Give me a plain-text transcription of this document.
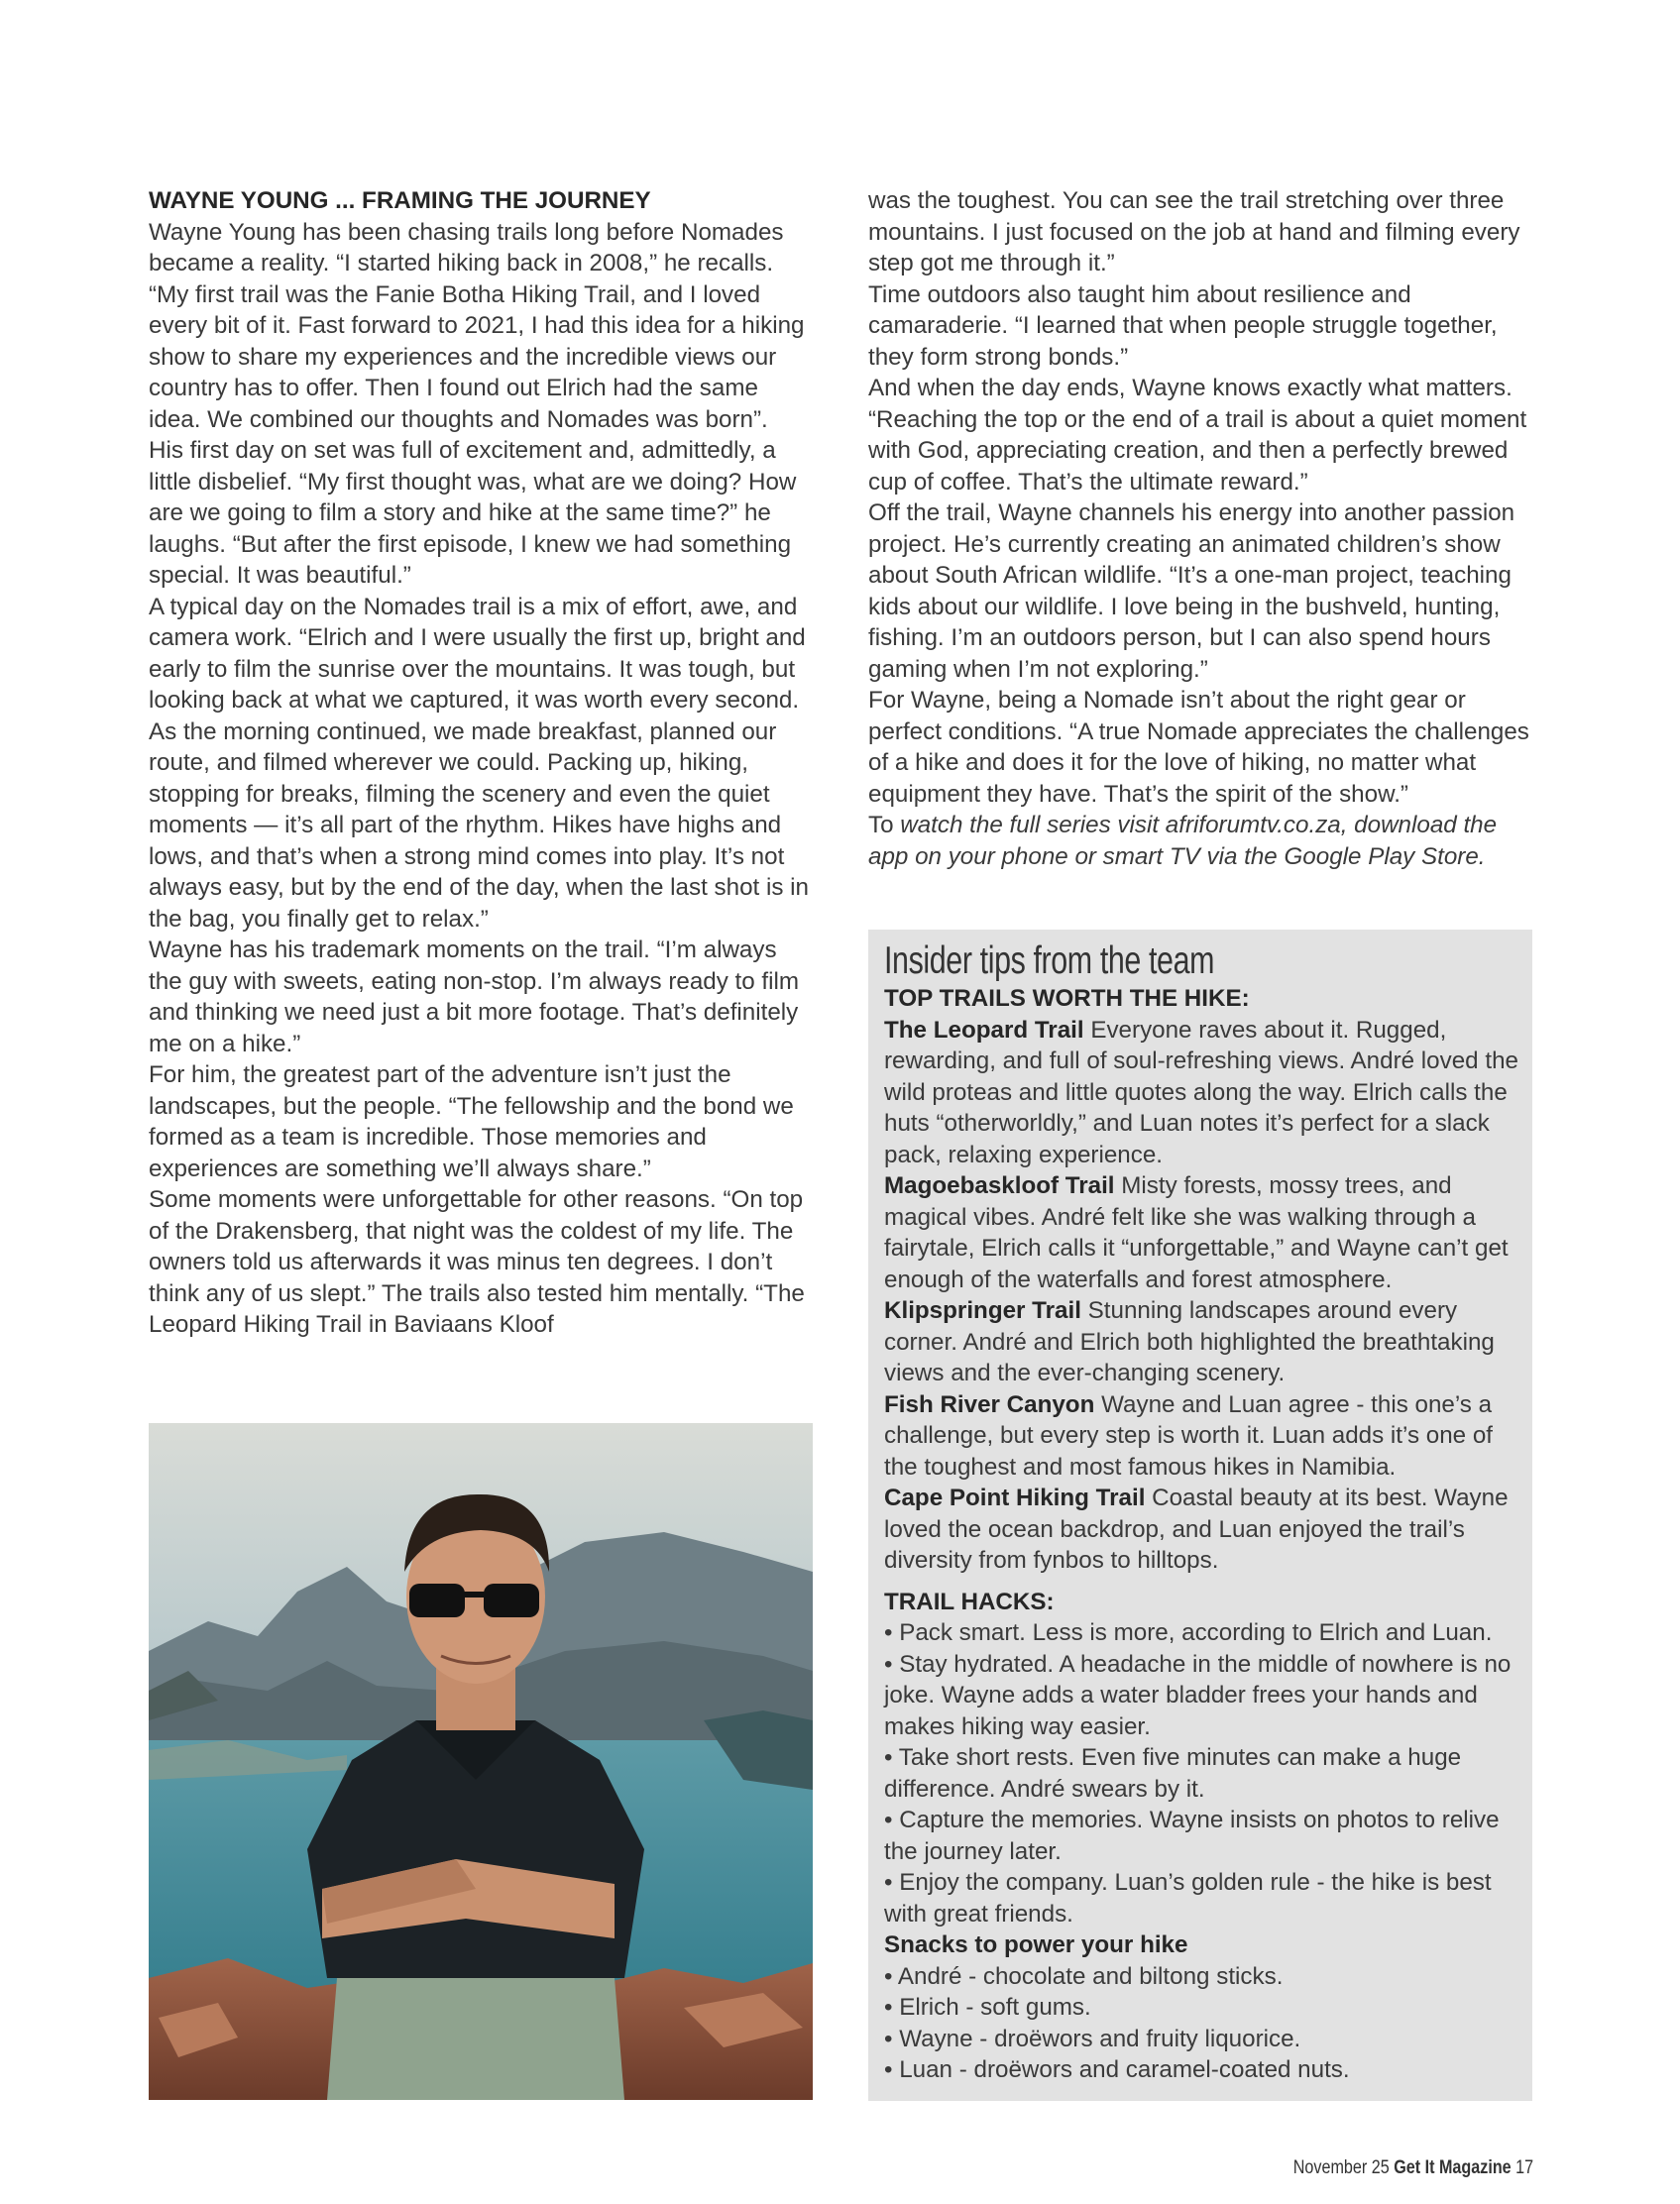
WAYNE YOUNG ... FRAMING THE JOURNEY

Wayne Young has been chasing trails long before Nomades became a reality. “I started hiking back in 2008,” he recalls. “My first trail was the Fanie Botha Hiking Trail, and I loved every bit of it. Fast forward to 2021, I had this idea for a hiking show to share my experiences and the incredible views our country has to offer. Then I found out Elrich had the same idea. We combined our thoughts and Nomades was born”.

His first day on set was full of excitement and, admittedly, a little disbelief. “My first thought was, what are we doing? How are we going to film a story and hike at the same time?” he laughs. “But after the first episode, I knew we had something special. It was beautiful.”

A typical day on the Nomades trail is a mix of effort, awe, and camera work. “Elrich and I were usually the first up, bright and early to film the sunrise over the mountains. It was tough, but looking back at what we captured, it was worth every second. As the morning continued, we made breakfast, planned our route, and filmed wherever we could. Packing up, hiking, stopping for breaks, filming the scenery and even the quiet moments — it’s all part of the rhythm. Hikes have highs and lows, and that’s when a strong mind comes into play. It’s not always easy, but by the end of the day, when the last shot is in the bag, you finally get to relax.”

Wayne has his trademark moments on the trail. “I’m always the guy with sweets, eating non-stop. I’m always ready to film and thinking we need just a bit more footage. That’s definitely me on a hike.”

For him, the greatest part of the adventure isn’t just the landscapes, but the people. “The fellowship and the bond we formed as a team is incredible. Those memories and experiences are something we’ll always share.”

Some moments were unforgettable for other reasons. “On top of the Drakensberg, that night was the coldest of my life. The owners told us afterwards it was minus ten degrees. I don’t think any of us slept.” The trails also tested him mentally. “The Leopard Hiking Trail in Baviaans Kloof

was the toughest. You can see the trail stretching over three mountains. I just focused on the job at hand and filming every step got me through it.”

Time outdoors also taught him about resilience and camaraderie. “I learned that when people struggle together, they form strong bonds.”

And when the day ends, Wayne knows exactly what matters. “Reaching the top or the end of a trail is about a quiet moment with God, appreciating creation, and then a perfectly brewed cup of coffee. That’s the ultimate reward.”

Off the trail, Wayne channels his energy into another passion project. He’s currently creating an animated children’s show about South African wildlife. “It’s a one-man project, teaching kids about our wildlife. I love being in the bushveld, hunting, fishing. I’m an outdoors person, but I can also spend hours gaming when I’m not exploring.”

For Wayne, being a Nomade isn’t about the right gear or perfect conditions. “A true Nomade appreciates the challenges of a hike and does it for the love of hiking, no matter what equipment they have. That’s the spirit of the show.”

To watch the full series visit afriforumtv.co.za, download the app on your phone or smart TV via the Google Play Store.

Insider tips from the team

TOP TRAILS WORTH THE HIKE:

The Leopard Trail Everyone raves about it. Rugged, rewarding, and full of soul-refreshing views. André loved the wild proteas and little quotes along the way. Elrich calls the huts “otherworldly,” and Luan notes it’s perfect for a slack pack, relaxing experience.

Magoebaskloof Trail Misty forests, mossy trees, and magical vibes. André felt like she was walking through a fairytale, Elrich calls it “unforgettable,” and Wayne can’t get enough of the waterfalls and forest atmosphere.

Klipspringer Trail Stunning landscapes around every corner. André and Elrich both highlighted the breathtaking views and the ever-changing scenery.

Fish River Canyon Wayne and Luan agree - this one’s a challenge, but every step is worth it. Luan adds it’s one of the toughest and most famous hikes in Namibia.

Cape Point Hiking Trail Coastal beauty at its best. Wayne loved the ocean backdrop, and Luan enjoyed the trail’s diversity from fynbos to hilltops.

TRAIL HACKS:

• Pack smart. Less is more, according to Elrich and Luan.

• Stay hydrated. A headache in the middle of nowhere is no joke. Wayne adds a water bladder frees your hands and makes hiking way easier.

• Take short rests. Even five minutes can make a huge difference. André swears by it.

• Capture the memories. Wayne insists on photos to relive the journey later.

• Enjoy the company. Luan’s golden rule - the hike is best with great friends.

Snacks to power your hike

• André - chocolate and biltong sticks.

• Elrich - soft gums.

• Wayne - droëwors and fruity liquorice.

• Luan - droëwors and caramel-coated nuts.

November 25 Get It Magazine 17
